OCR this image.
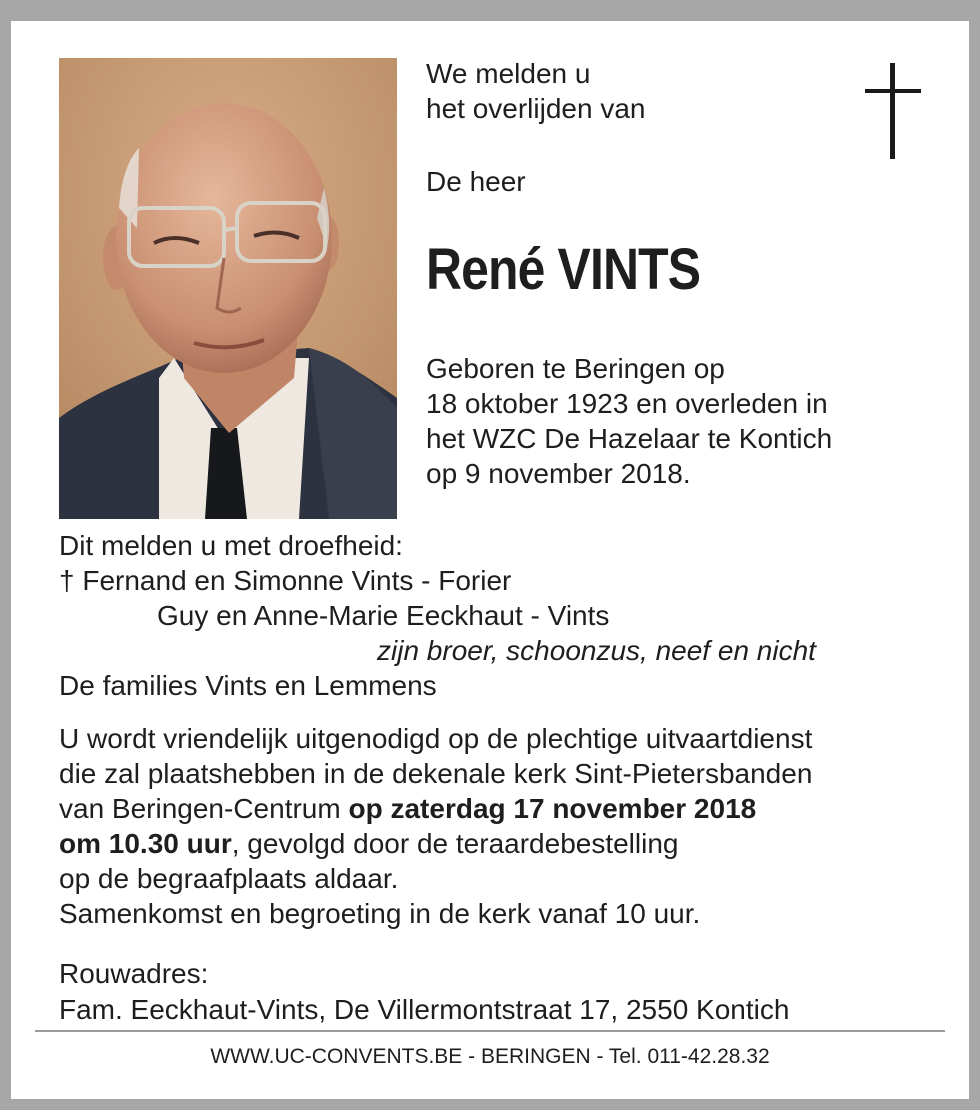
We melden u
het overlijden van
De heer
René VINTS
Geboren te Beringen op
18 oktober 1923 en overleden in
het WZC De Hazelaar te Kontich
op 9 november 2018.
Dit melden u met droefheid:
† Fernand en Simonne Vints - Forier
Guy en Anne-Marie Eeckhaut - Vints
zijn broer, schoonzus, neef en nicht
De families Vints en Lemmens
U wordt vriendelijk uitgenodigd op de plechtige uitvaartdienst
die zal plaatshebben in de dekenale kerk Sint-Pietersbanden
van Beringen-Centrum op zaterdag 17 november 2018
om 10.30 uur, gevolgd door de teraardebestelling
op de begraafplaats aldaar.
Samenkomst en begroeting in de kerk vanaf 10 uur.
Rouwadres:
Fam. Eeckhaut-Vints, De Villermontstraat 17, 2550 Kontich
WWW.UC-CONVENTS.BE - BERINGEN - Tel. 011-42.28.32
